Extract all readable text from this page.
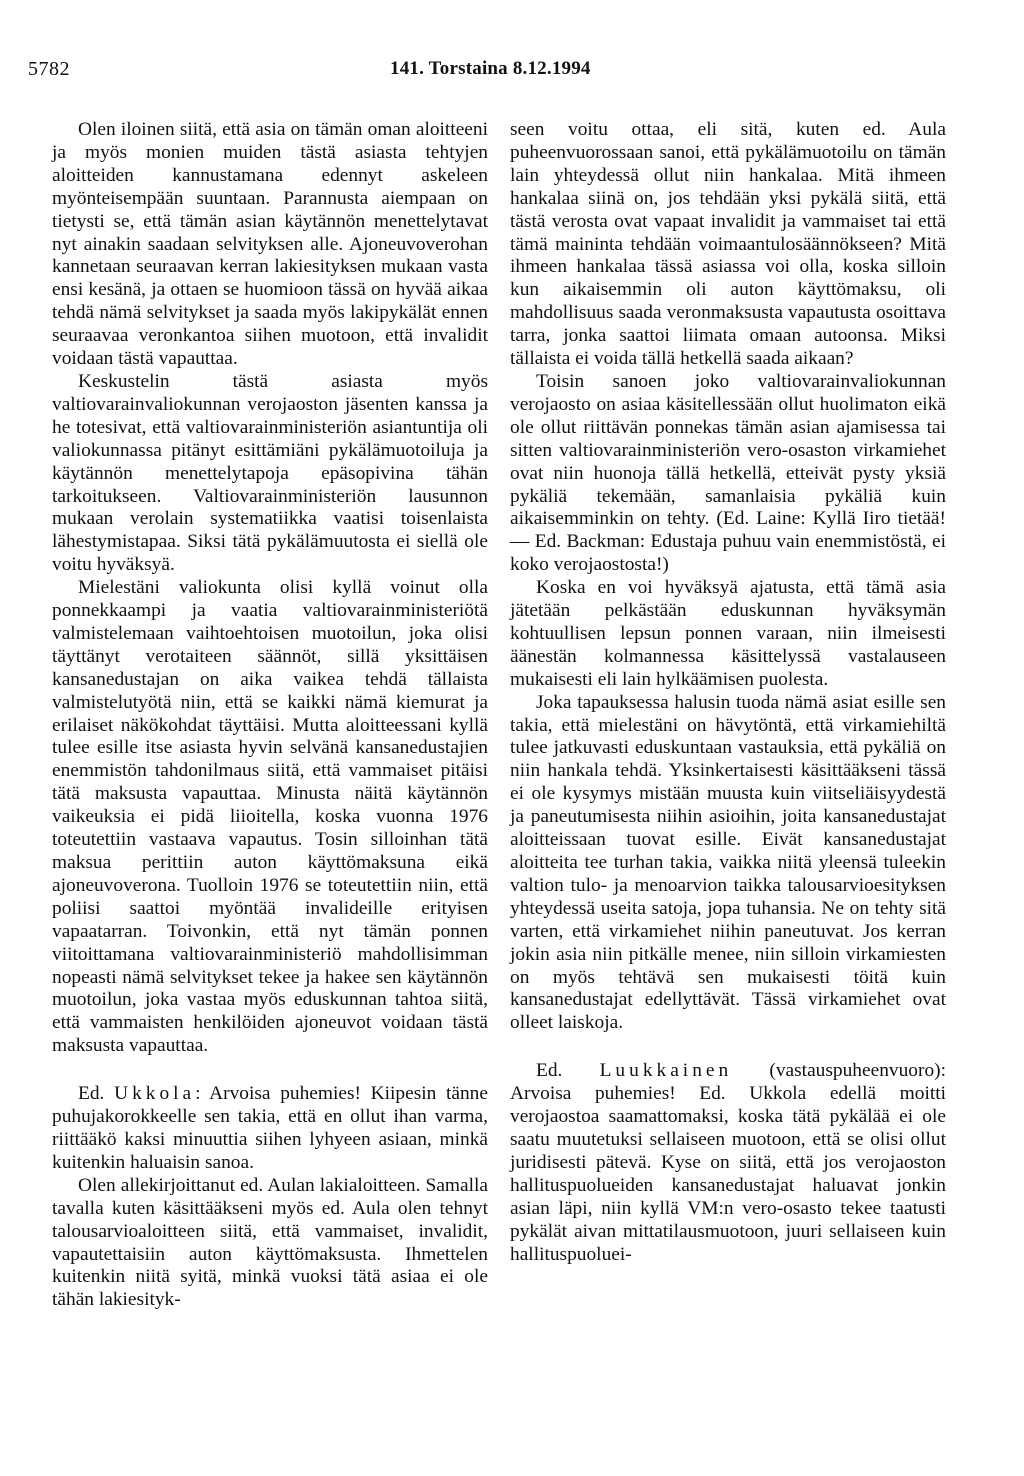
5782	141. Torstaina 8.12.1994

Olen iloinen siitä, että asia on tämän oman aloitteeni ja myös monien muiden tästä asiasta tehtyjen aloitteiden kannustamana edennyt askeleen myönteisempään suuntaan. Parannusta aiempaan on tietysti se, että tämän asian käytännön menettelytavat nyt ainakin saadaan selvityksen alle. Ajoneuvoverohan kannetaan seuraavan kerran lakiesityksen mukaan vasta ensi kesänä, ja ottaen se huomioon tässä on hyvää aikaa tehdä nämä selvitykset ja saada myös lakipykälät ennen seuraavaa veronkantoa siihen muotoon, että invalidit voidaan tästä vapauttaa.

Keskustelin tästä asiasta myös valtiovarainvaliokunnan verojaoston jäsenten kanssa ja he totesivat, että valtiovarainministeriön asiantuntija oli valiokunnassa pitänyt esittämiäni pykälämuotoiluja ja käytännön menettelytapoja epäsopivina tähän tarkoitukseen. Valtiovarainministeriön lausunnon mukaan verolain systematiikka vaatisi toisenlaista lähestymistapaa. Siksi tätä pykälämuutosta ei siellä ole voitu hyväksyä.

Mielestäni valiokunta olisi kyllä voinut olla ponnekkaampi ja vaatia valtiovarainministeriötä valmistelemaan vaihtoehtoisen muotoilun, joka olisi täyttänyt verotaiteen säännöt, sillä yksittäisen kansanedustajan on aika vaikea tehdä tällaista valmistelutyötä niin, että se kaikki nämä kiemurat ja erilaiset näkökohdat täyttäisi. Mutta aloitteessani kyllä tulee esille itse asiasta hyvin selvänä kansanedustajien enemmistön tahdonilmaus siitä, että vammaiset pitäisi tätä maksusta vapauttaa. Minusta näitä käytännön vaikeuksia ei pidä liioitella, koska vuonna 1976 toteutettiin vastaava vapautus. Tosin silloinhan tätä maksua perittiin auton käyttömaksuna eikä ajoneuvoverona. Tuolloin 1976 se toteutettiin niin, että poliisi saattoi myöntää invalideille erityisen vapaatarran. Toivonkin, että nyt tämän ponnen viitoittamana valtiovarainministeriö mahdollisimman nopeasti nämä selvitykset tekee ja hakee sen käytännön muotoilun, joka vastaa myös eduskunnan tahtoa siitä, että vammaisten henkilöiden ajoneuvot voidaan tästä maksusta vapauttaa.

Ed. Ukkola: Arvoisa puhemies! Kiipesin tänne puhujakorokkeelle sen takia, että en ollut ihan varma, riittääkö kaksi minuuttia siihen lyhyeen asiaan, minkä kuitenkin haluaisin sanoa.

Olen allekirjoittanut ed. Aulan lakialoitteen. Samalla tavalla kuten käsittääkseni myös ed. Aula olen tehnyt talousarvioaloitteen siitä, että vammaiset, invalidit, vapautettaisiin auton käyttömaksusta. Ihmettelen kuitenkin niitä syitä, minkä vuoksi tätä asiaa ei ole tähän lakiesityk-

seen voitu ottaa, eli sitä, kuten ed. Aula puheenvuorossaan sanoi, että pykälämuotoilu on tämän lain yhteydessä ollut niin hankalaa. Mitä ihmeen hankalaa siinä on, jos tehdään yksi pykälä siitä, että tästä verosta ovat vapaat invalidit ja vammaiset tai että tämä maininta tehdään voimaantulosäännökseen? Mitä ihmeen hankalaa tässä asiassa voi olla, koska silloin kun aikaisemmin oli auton käyttömaksu, oli mahdollisuus saada veronmaksusta vapautusta osoittava tarra, jonka saattoi liimata omaan autoonsa. Miksi tällaista ei voida tällä hetkellä saada aikaan?

Toisin sanoen joko valtiovarainvaliokunnan verojaosto on asiaa käsitellessään ollut huolimaton eikä ole ollut riittävän ponnekas tämän asian ajamisessa tai sitten valtiovarainministeriön vero-osaston virkamiehet ovat niin huonoja tällä hetkellä, etteivät pysty yksiä pykäliä tekemään, samanlaisia pykäliä kuin aikaisemminkin on tehty. (Ed. Laine: Kyllä Iiro tietää! — Ed. Backman: Edustaja puhuu vain enemmistöstä, ei koko verojaostosta!)

Koska en voi hyväksyä ajatusta, että tämä asia jätetään pelkästään eduskunnan hyväksymän kohtuullisen lepsun ponnen varaan, niin ilmeisesti äänestän kolmannessa käsittelyssä vastalauseen mukaisesti eli lain hylkäämisen puolesta.

Joka tapauksessa halusin tuoda nämä asiat esille sen takia, että mielestäni on hävytöntä, että virkamiehiltä tulee jatkuvasti eduskuntaan vastauksia, että pykäliä on niin hankala tehdä. Yksinkertaisesti käsittääkseni tässä ei ole kysymys mistään muusta kuin viitseliäisyydestä ja paneutumisesta niihin asioihin, joita kansanedustajat aloitteissaan tuovat esille. Eivät kansanedustajat aloitteita tee turhan takia, vaikka niitä yleensä tuleekin valtion tulo- ja menoarvion taikka talousarvioesityksen yhteydessä useita satoja, jopa tuhansia. Ne on tehty sitä varten, että virkamiehet niihin paneutuvat. Jos kerran jokin asia niin pitkälle menee, niin silloin virkamiesten on myös tehtävä sen mukaisesti töitä kuin kansanedustajat edellyttävät. Tässä virkamiehet ovat olleet laiskoja.

Ed. Luukkainen (vastauspuheenvuoro): Arvoisa puhemies! Ed. Ukkola edellä moitti verojaostoa saamattomaksi, koska tätä pykälää ei ole saatu muutetuksi sellaiseen muotoon, että se olisi ollut juridisesti pätevä. Kyse on siitä, että jos verojaoston hallituspuolueiden kansanedustajat haluavat jonkin asian läpi, niin kyllä VM:n vero-osasto tekee taatusti pykälät aivan mittatilausmuotoon, juuri sellaiseen kuin hallituspuoluei-
